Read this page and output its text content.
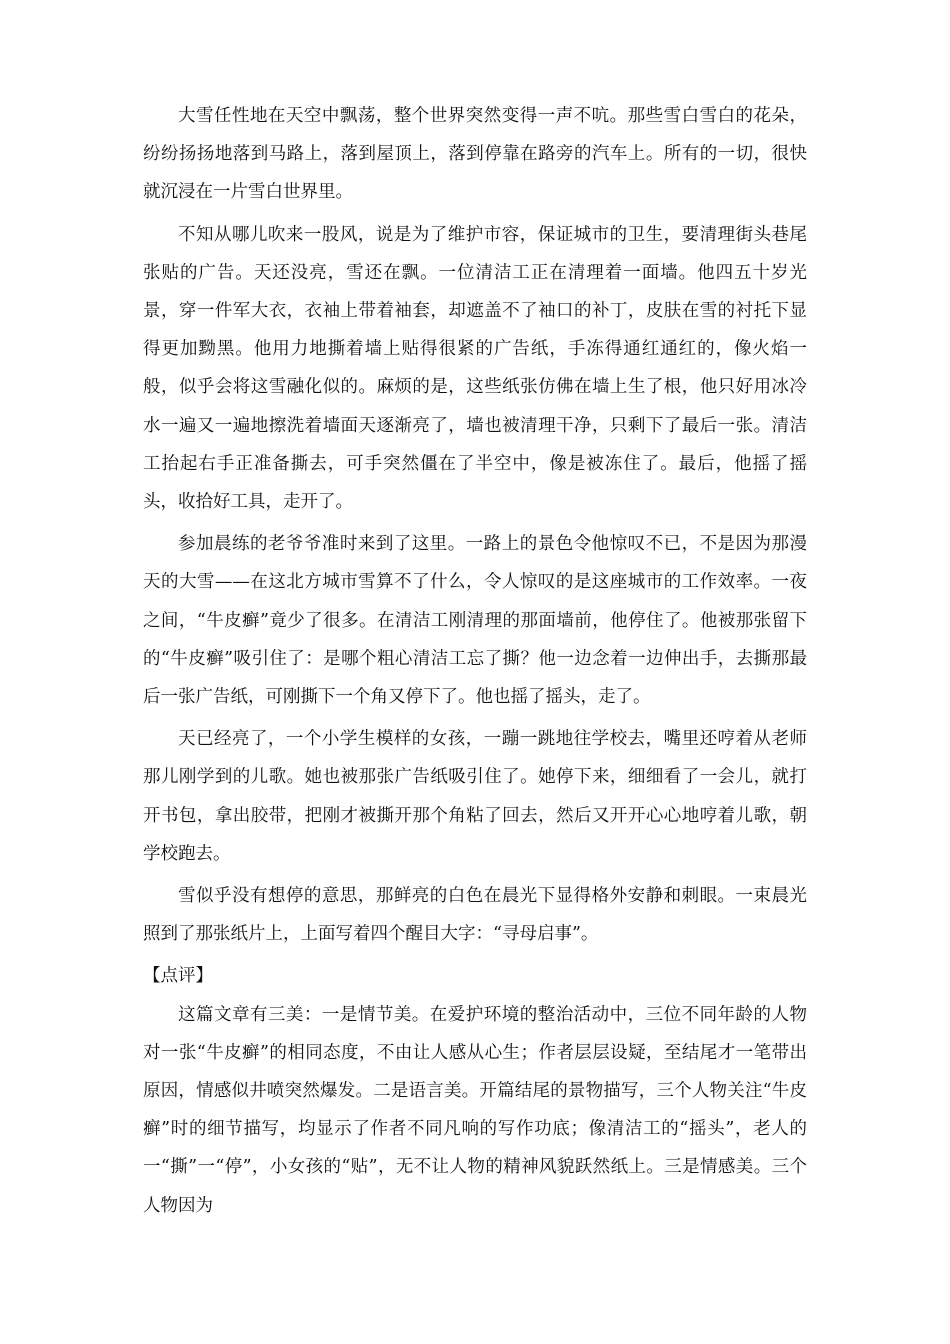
大雪任性地在天空中飘荡，整个世界突然变得一声不吭。那些雪白雪白的花朵，纷纷扬扬地落到马路上，落到屋顶上，落到停靠在路旁的汽车上。所有的一切，很快就沉浸在一片雪白世界里。

不知从哪儿吹来一股风，说是为了维护市容，保证城市的卫生，要清理街头巷尾张贴的广告。天还没亮，雪还在飘。一位清洁工正在清理着一面墙。他四五十岁光景，穿一件军大衣，衣袖上带着袖套，却遮盖不了袖口的补丁，皮肤在雪的衬托下显得更加黝黑。他用力地撕着墙上贴得很紧的广告纸，手冻得通红通红的，像火焰一般，似乎会将这雪融化似的。麻烦的是，这些纸张仿佛在墙上生了根，他只好用冰冷水一遍又一遍地擦洗着墙面天逐渐亮了，墙也被清理干净，只剩下了最后一张。清洁工抬起右手正准备撕去，可手突然僵在了半空中，像是被冻住了。最后，他摇了摇头，收拾好工具，走开了。

参加晨练的老爷爷准时来到了这里。一路上的景色令他惊叹不已，不是因为那漫天的大雪——在这北方城市雪算不了什么，令人惊叹的是这座城市的工作效率。一夜之间，“牛皮癣”竟少了很多。在清洁工刚清理的那面墙前，他停住了。他被那张留下的“牛皮癣”吸引住了：是哪个粗心清洁工忘了撕？他一边念着一边伸出手，去撕那最后一张广告纸，可刚撕下一个角又停下了。他也摇了摇头，走了。

天已经亮了，一个小学生模样的女孩，一蹦一跳地往学校去，嘴里还哼着从老师那儿刚学到的儿歌。她也被那张广告纸吸引住了。她停下来，细细看了一会儿，就打开书包，拿出胶带，把刚才被撕开那个角粘了回去，然后又开开心心地哼着儿歌，朝学校跑去。

雪似乎没有想停的意思，那鲜亮的白色在晨光下显得格外安静和刺眼。一束晨光照到了那张纸片上，上面写着四个醒目大字：“寻母启事”。

【点评】

这篇文章有三美：一是情节美。在爱护环境的整治活动中，三位不同年龄的人物对一张“牛皮癣”的相同态度，不由让人感从心生；作者层层设疑，至结尾才一笔带出原因，情感似井喷突然爆发。二是语言美。开篇结尾的景物描写，三个人物关注“牛皮癣”时的细节描写，均显示了作者不同凡响的写作功底；像清洁工的“摇头”，老人的一“撕”一“停”，小女孩的“贴”，无不让人物的精神风貌跃然纸上。三是情感美。三个人物因为
